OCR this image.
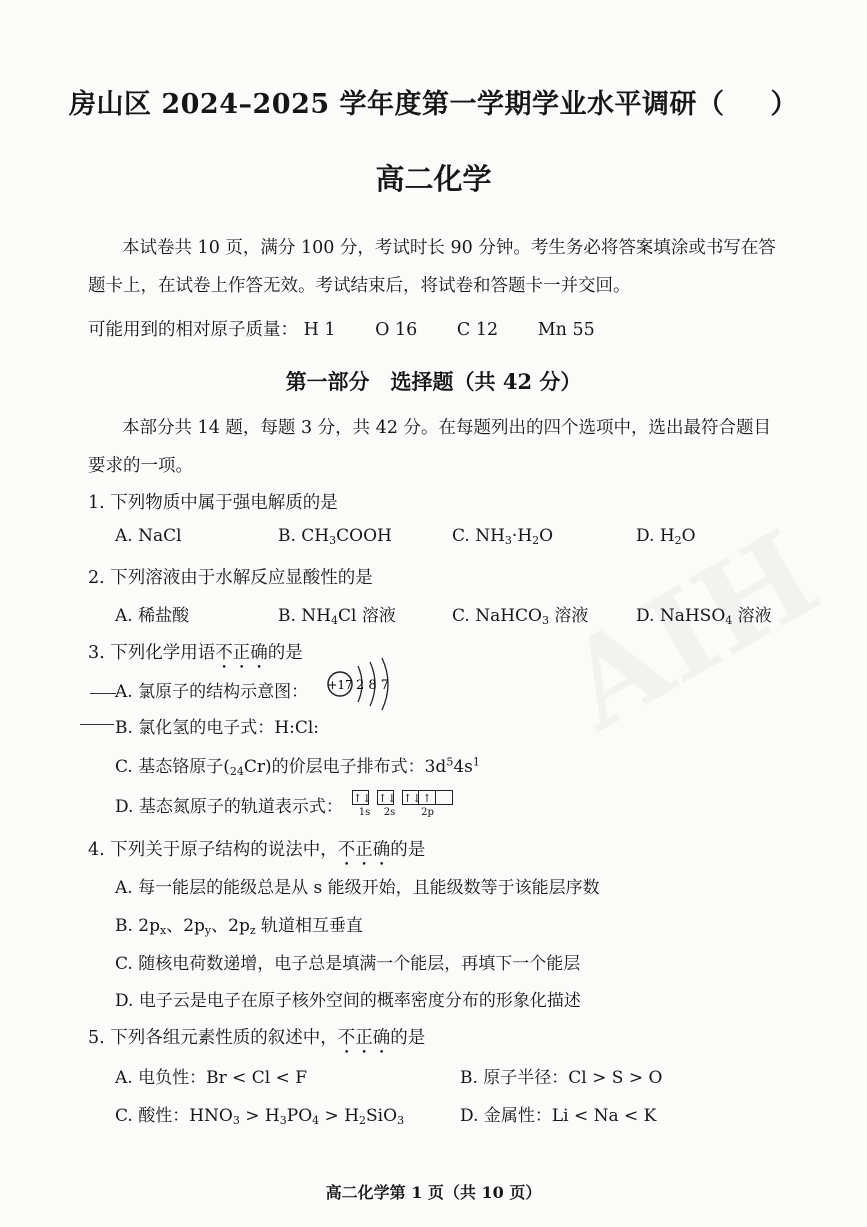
房山区 2024–2025 学年度第一学期学业水平调研（ ）
高二化学
本试卷共 10 页，满分 100 分，考试时长 90 分钟。考生务必将答案填涂或书写在答
题卡上，在试卷上作答无效。考试结束后，将试卷和答题卡一并交回。
可能用到的相对原子质量： H 1 O 16 C 12 Mn 55
第一部分　选择题（共 42 分）
本部分共 14 题，每题 3 分，共 42 分。在每题列出的四个选项中，选出最符合题目
要求的一项。
1. 下列物质中属于强电解质的是
A. NaCl	B. $CH_3COOH$	C. $NH_3\cdot H_2O$	D. $H_2O$
2. 下列溶液由于水解反应显酸性的是
A. 稀盐酸	B. $NH_4Cl$ 溶液	C. NaHCO$_3$ 溶液	D. NaHSO$_4$ 溶液
3. 下列化学用语不正确的是
A. 氯原子的结构示意图： +17 2 8 7
B. 氯化氢的电子式：H:Cl:
C. 基态铬原子$(_{24}Cr)$的价层电子排布式：$3d^54s^1$
D. 基态氮原子的轨道表示式： ↑↓ ↑↓ ↑↓ ↑
1s	2s	2p
4. 下列关于原子结构的说法中，不正确的是
A. 每一能层的能级总是从 s 能级开始，且能级数等于该能层序数
B. $2p_x$、$2p_y$、$2p_z$ 轨道相互垂直
C. 随核电荷数递增，电子总是填满一个能层，再填下一个能层
D. 电子云是电子在原子核外空间的概率密度分布的形象化描述
5. 下列各组元素性质的叙述中，不正确的是
A. 电负性：Br < Cl < F	B. 原子半径：Cl > S > O
C. 酸性：$HNO_3 > H_3PO_4 > H_2SiO_3$	D. 金属性：Li < Na < K
高二化学第 1 页（共 10 页）
